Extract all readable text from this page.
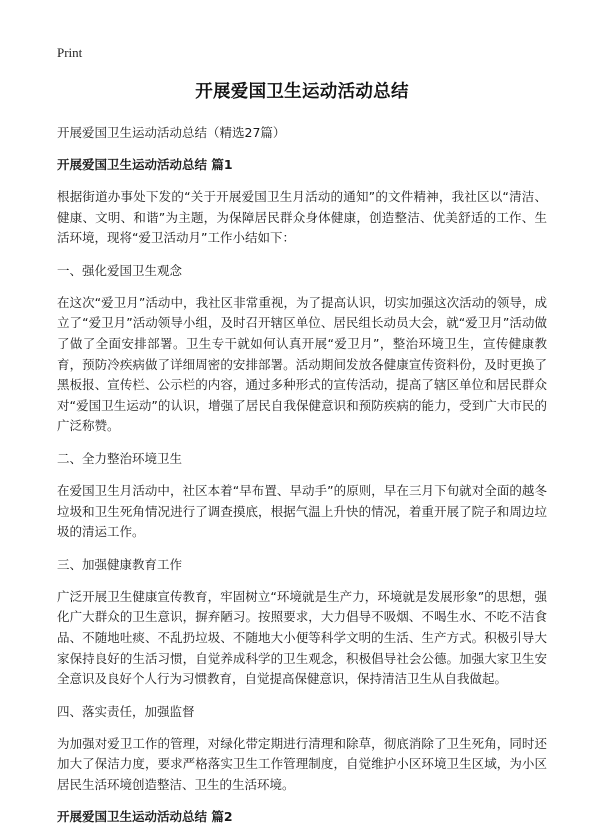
Print
开展爱国卫生运动活动总结

开展爱国卫生运动活动总结（精选27篇）

开展爱国卫生运动活动总结 篇1

根据街道办事处下发的“关于开展爱国卫生月活动的通知”的文件精神，我社区以“清洁、健康、文明、和谐”为主题，为保障居民群众身体健康，创造整洁、优美舒适的工作、生活环境，现将“爱卫活动月”工作小结如下：

一、强化爱国卫生观念

在这次“爱卫月”活动中，我社区非常重视，为了提高认识，切实加强这次活动的领导，成立了“爱卫月”活动领导小组，及时召开辖区单位、居民组长动员大会，就“爱卫月”活动做了做了全面安排部署。卫生专干就如何认真开展“爱卫月”，整治环境卫生，宣传健康教育，预防冷疾病做了详细周密的安排部署。活动期间发放各健康宣传资料份，及时更换了黑板报、宣传栏、公示栏的内容，通过多种形式的宣传活动，提高了辖区单位和居民群众对“爱国卫生运动”的认识，增强了居民自我保健意识和预防疾病的能力，受到广大市民的广泛称赞。

二、全力整治环境卫生

在爱国卫生月活动中，社区本着“早布置、早动手”的原则，早在三月下旬就对全面的越冬垃圾和卫生死角情况进行了调查摸底，根据气温上升快的情况，着重开展了院子和周边垃圾的清运工作。

三、加强健康教育工作

广泛开展卫生健康宣传教育，牢固树立“环境就是生产力，环境就是发展形象”的思想，强化广大群众的卫生意识，摒弃陋习。按照要求，大力倡导不吸烟、不喝生水、不吃不洁食品、不随地吐痰、不乱扔垃圾、不随地大小便等科学文明的生活、生产方式。积极引导大家保持良好的生活习惯，自觉养成科学的卫生观念，积极倡导社会公德。加强大家卫生安全意识及良好个人行为习惯教育，自觉提高保健意识，保持清洁卫生从自我做起。

四、落实责任，加强监督

为加强对爱卫工作的管理，对绿化带定期进行清理和除草，彻底消除了卫生死角，同时还加大了保洁力度，要求严格落实卫生工作管理制度，自觉维护小区环境卫生区域，为小区居民生活环境创造整洁、卫生的生活环境。

开展爱国卫生运动活动总结 篇2
